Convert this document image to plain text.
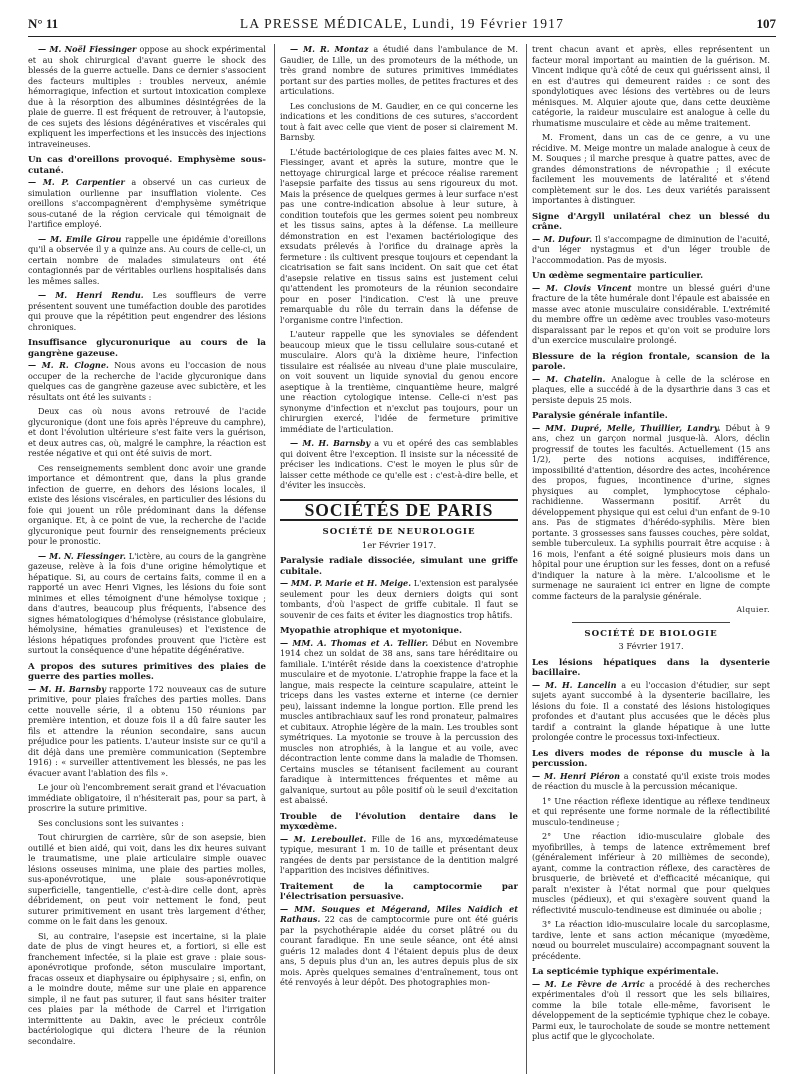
N° 11	LA PRESSE MÉDICALE, Lundi, 19 Février 1917	107

— M. Noël Fiessinger oppose au shock expérimental et au shok chirurgical d'avant guerre le shock des blessés de la guerre actuelle. Dans ce dernier s'associent des facteurs multiples : troubles nerveux, anémie hémorragique, infection et surtout intoxication complexe due à la résorption des albumines désintégrées de la plaie de guerre. Il est fréquent de retrouver, à l'autopsie, de ces sujets des lésions dégénératives et viscérales qui expliquent les imperfections et les insuccès des injections intraveineuses.

Un cas d'oreillons provoqué. Emphysème sous-cutané.

— M. P. Carpentier a observé un cas curieux de simulation ourlienne par insufflation violente. Ces oreillons s'accompagnèrent d'emphysème symétrique sous-cutané de la région cervicale qui témoignait de l'artifice employé.

— M. Emile Girou rappelle une épidémie d'oreillons qu'il a observée il y a quinze ans. Au cours de celle-ci, un certain nombre de malades simulateurs ont été contagionnés par de véritables ourliens hospitalisés dans les mêmes salles.

— M. Henri Rendu. Les souffleurs de verre présentent souvent une tuméfaction double des parotides qui prouve que la répétition peut engendrer des lésions chroniques.

Insuffisance glycuronurique au cours de la gangrène gazeuse.

— M. R. Clogne. Nous avons eu l'occasion de nous occuper de la recherche de l'acide glycuronique dans quelques cas de gangrène gazeuse avec subictère, et les résultats ont été les suivants :

Deux cas où nous avons retrouvé de l'acide glycuronique (dont une fois après l'épreuve du camphre), et dont l'évolution ultérieure s'est faite vers la guérison, et deux autres cas, où, malgré le camphre, la réaction est restée négative et qui ont été suivis de mort.

Ces renseignements semblent donc avoir une grande importance et démontrent que, dans la plus grande infection de guerre, en dehors des lésions locales, il existe des lésions viscérales, en particulier des lésions du foie qui jouent un rôle prédominant dans la défense organique. Et, à ce point de vue, la recherche de l'acide glycuronique peut fournir des renseignements précieux pour le pronostic.

— M. N. Fiessinger. L'ictère, au cours de la gangrène gazeuse, relève à la fois d'une origine hémolytique et hépatique. Si, au cours de certains faits, comme il en a rapporté un avec Henri Vignes, les lésions du foie sont minimes et elles témoignent d'une hémolyse toxique ; dans d'autres, beaucoup plus fréquents, l'absence des signes hématologiques d'hémolyse (résistance globulaire, hémolysine, hématies granuleuses) et l'existence de lésions hépatiques profondes prouvent que l'ictère est surtout la conséquence d'une hépatite dégénérative.

A propos des sutures primitives des plaies de guerre des parties molles.

— M. H. Barnsby rapporte 172 nouveaux cas de suture primitive, pour plaies fraîches des parties molles. Dans cette nouvelle série, il a obtenu 150 réunions par première intention, et douze fois il a dû faire sauter les fils et attendre la réunion secondaire, sans aucun préjudice pour les patients. L'auteur insiste sur ce qu'il a dit déjà dans une première communication (Septembre 1916) : « surveiller attentivement les blessés, ne pas les évacuer avant l'ablation des fils ».

Le jour où l'encombrement serait grand et l'évacuation immédiate obligatoire, il n'hésiterait pas, pour sa part, à proscrire la suture primitive.

Ses conclusions sont les suivantes :

Tout chirurgien de carrière, sûr de son asepsie, bien outillé et bien aidé, qui voit, dans les dix heures suivant le traumatisme, une plaie articulaire simple ouavec lésions osseuses minima, une plaie des parties molles, sus-aponévrotique, une plaie sous-aponévrotique superficielle, tangentielle, c'est-à-dire celle dont, après débridement, on peut voir nettement le fond, peut suturer primitivement en usant très largement d'éther, comme on le fait dans les genoux.

Si, au contraire, l'asepsie est incertaine, si la plaie date de plus de vingt heures et, a fortiori, si elle est franchement infectée, si la plaie est grave : plaie sous-aponévrotique profonde, séton musculaire important, fracas osseux et diaphysaire ou épiphysaire ; si, enfin, on a le moindre doute, même sur une plaie en apparence simple, il ne faut pas suturer, il faut sans hésiter traiter ces plaies par la méthode de Carrel et l'irrigation intermittente au Dakin, avec le précieux contrôle bactériologique qui dictera l'heure de la réunion secondaire.

— M. R. Montaz a étudié dans l'ambulance de M. Gaudier, de Lille, un des promoteurs de la méthode, un très grand nombre de sutures primitives immédiates portant sur des parties molles, de petites fractures et des articulations.

Les conclusions de M. Gaudier, en ce qui concerne les indications et les conditions de ces sutures, s'accordent tout à fait avec celle que vient de poser si clairement M. Barnsby.

L'étude bactériologique de ces plaies faites avec M. N. Fiessinger, avant et après la suture, montre que le nettoyage chirurgical large et précoce réalise rarement l'asepsie parfaite des tissus au sens rigoureux du mot. Mais la présence de quelques germes à leur surface n'est pas une contre-indication absolue à leur suture, à condition toutefois que les germes soient peu nombreux et les tissus sains, aptes à la défense. La meilleure démonstration en est l'examen bactériologique des exsudats prélevés à l'orifice du drainage après la fermeture : ils cultivent presque toujours et cependant la cicatrisation se fait sans incident. On sait que cet état d'asepsie relative en tissus sains est justement celui qu'attendent les promoteurs de la réunion secondaire pour en poser l'indication. C'est là une preuve remarquable du rôle du terrain dans la défense de l'organisme contre l'infection.

L'auteur rappelle que les synoviales se défendent beaucoup mieux que le tissu cellulaire sous-cutané et musculaire. Alors qu'à la dixième heure, l'infection tissulaire est réalisée au niveau d'une plaie musculaire, on voit souvent un liquide synovial du genou encore aseptique à la trentième, cinquantième heure, malgré une réaction cytologique intense. Celle-ci n'est pas synonyme d'infection et n'exclut pas toujours, pour un chirurgien exercé, l'idée de fermeture primitive immédiate de l'articulation.

— M. H. Barnsby a vu et opéré des cas semblables qui doivent être l'exception. Il insiste sur la nécessité de préciser les indications. C'est le moyen le plus sûr de laisser cette méthode ce qu'elle est : c'est-à-dire belle, et d'éviter les insuccès.

SOCIÉTÉS DE PARIS
SOCIÉTÉ DE NEUROLOGIE
1er Février 1917.
Paralysie radiale dissociée, simulant une griffe cubitale.

— MM. P. Marie et H. Meige. L'extension est paralysée seulement pour les deux derniers doigts qui sont tombants, d'où l'aspect de griffe cubitale. Il faut se souvenir de ces faits et éviter les diagnostics trop hâtifs.

Myopathie atrophique et myotonique.

— MM. A. Thomas et A. Tellier. Début en Novembre 1914 chez un soldat de 38 ans, sans tare héréditaire ou familiale. L'intérêt réside dans la coexistence d'atrophie musculaire et de myotonie. L'atrophie frappe la face et la langue, mais respecte la ceinture scapulaire, atteint le triceps dans les vastes externe et interne (ce dernier peu), laissant indemne la longue portion. Elle prend les muscles antibrachiaux sauf les rond pronateur, palmaires et cubitaux. Atrophie légère de la main. Les troubles sont symétriques. La myotonie se trouve à la percussion des muscles non atrophiés, à la langue et au voile, avec décontraction lente comme dans la maladie de Thomsen. Certains muscles se tétanisent facilement au courant faradique à intermittences fréquentes et même au galvanique, surtout au pôle positif où le seuil d'excitation est abaissé.

Trouble de l'évolution dentaire dans le myxœdème.

— M. Lereboullet. Fille de 16 ans, myxœdémateuse typique, mesurant 1 m. 10 de taille et présentant deux rangées de dents par persistance de la dentition malgré l'apparition des incisives définitives.

Traitement de la camptocormie par l'électrisation persuasive.

— MM. Souques et Mégerand, Miles Naidich et Rathaus. 22 cas de camptocormie pure ont été guéris par la psychothérapie aidée du corset plâtré ou du courant faradique. En une seule séance, ont été ainsi guéris 12 malades dont 4 l'étaient depuis plus de deux ans, 5 depuis plus d'un an, les autres depuis plus de six mois. Après quelques semaines d'entraînement, tous ont été renvoyés à leur dépôt. Des photographies mon-

trent chacun avant et après, elles représentent un facteur moral important au maintien de la guérison. M. Vincent indique qu'à côté de ceux qui guérissent ainsi, il en est d'autres qui demeurent raides : ce sont des spondylotiques avec lésions des vertèbres ou de leurs ménisques. M. Alquier ajoute que, dans cette deuxième catégorie, la raideur musculaire est analogue à celle du rhumatisme musculaire et cède au même traitement.

M. Froment, dans un cas de ce genre, a vu une récidive. M. Meige montre un malade analogue à ceux de M. Souques ; il marche presque à quatre pattes, avec de grandes démonstrations de névropathie ; il exécute facilement les mouvements de latéralité et s'étend complètement sur le dos. Les deux variétés paraissent importantes à distinguer.

Signe d'Argyll unilatéral chez un blessé du crâne.

— M. Dufour. Il s'accompagne de diminution de l'acuité, d'un léger nystagmus et d'un léger trouble de l'accommodation. Pas de myosis.

Un œdème segmentaire particulier.

— M. Clovis Vincent montre un blessé guéri d'une fracture de la tête humérale dont l'épaule est abaissée en masse avec atonie musculaire considérable. L'extrémité du membre offre un œdème avec troubles vaso-moteurs disparaissant par le repos et qu'on voit se produire lors d'un exercice musculaire prolongé.

Blessure de la région frontale, scansion de la parole.

— M. Chatelin. Analogue à celle de la sclérose en plaques, elle a succédé à de la dysarthrie dans 3 cas et persiste depuis 25 mois.

Paralysie générale infantile.

— MM. Dupré, Melle, Thuillier, Landry. Début à 9 ans, chez un garçon normal jusque-là. Alors, déclin progressif de toutes les facultés. Actuellement (15 ans 1/2), perte des notions acquises, indifférence, impossibilité d'attention, désordre des actes, incohérence des propos, fugues, incontinence d'urine, signes physiques au complet, lymphocytose céphalo-rachidienne. Wassermann positif. Arrêt du développement physique qui est celui d'un enfant de 9-10 ans. Pas de stigmates d'hérédo-syphilis. Mère bien portante. 3 grossesses sans fausses couches, père soldat, semble tuberculeux. La syphilis pourrait être acquise : à 16 mois, l'enfant a été soigné plusieurs mois dans un hôpital pour une éruption sur les fesses, dont on a refusé d'indiquer la nature à la mère. L'alcoolisme et le surmenage ne sauraient ici entrer en ligne de compte comme facteurs de la paralysie générale.

Alquier.
SOCIÉTÉ DE BIOLOGIE
3 Février 1917.
Les lésions hépatiques dans la dysenterie bacillaire.

— M. H. Lancelin a eu l'occasion d'étudier, sur sept sujets ayant succombé à la dysenterie bacillaire, les lésions du foie. Il a constaté des lésions histologiques profondes et d'autant plus accusées que le décès plus tardif a contraint la glande hépatique à une lutte prolongée contre le processus toxi-infectieux.

Les divers modes de réponse du muscle à la percussion.

— M. Henri Piéron a constaté qu'il existe trois modes de réaction du muscle à la percussion mécanique.

1° Une réaction réflexe identique au réflexe tendineux et qui représente une forme normale de la réflectibilité musculo-tendineuse ;

2° Une réaction idio-musculaire globale des myofibrilles, à temps de latence extrêmement bref (généralement inférieur à 20 millièmes de seconde), ayant, comme la contraction réflexe, des caractères de brusquerie, de brièveté et d'efficacité mécanique, qui paraît n'exister à l'état normal que pour quelques muscles (pédieux), et qui s'exagère souvent quand la réflectivité musculo-tendineuse est diminuée ou abolie ;

3° La réaction idio-musculaire locale du sarcoplasme, tardive, lente et sans action mécanique (myœdème, nœud ou bourrelet musculaire) accompagnant souvent la précédente.

La septicémie typhique expérimentale.

— M. Le Fèvre de Arric a procédé à des recherches expérimentales d'où il ressort que les sels biliaires, comme la bile totale elle-même, favorisent le développement de la septicémie typhique chez le cobaye. Parmi eux, le taurocholate de soude se montre nettement plus actif que le glycocholate.
